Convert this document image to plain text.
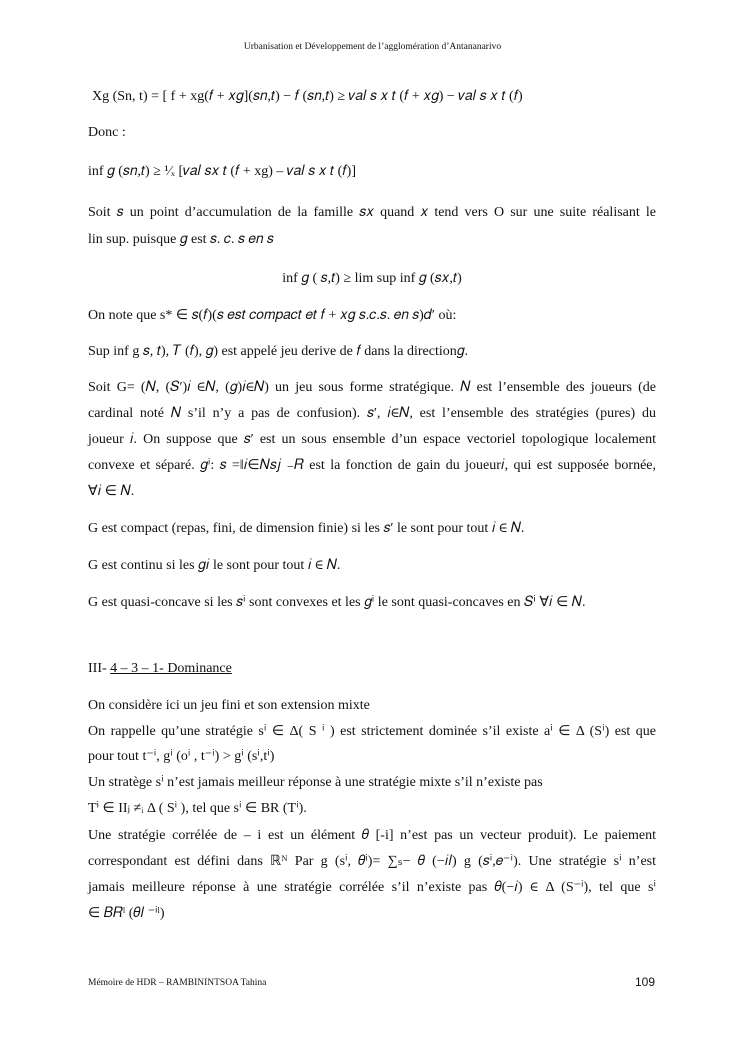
Urbanisation et Développement de l’agglomération d’Antananarivo
Xg (Sn, t) = [ f + xg(𝑓 + 𝑥𝑔](𝑠𝑛,𝑡) − 𝑓 (𝑠𝑛,𝑡) ≥ 𝑣𝑎𝑙 𝑠 𝑥 𝑡 (𝑓 + 𝑥𝑔) − 𝑣𝑎𝑙 𝑠 𝑥 𝑡 (𝑓)
Donc :
inf 𝑔 (𝑠𝑛,𝑡) ≥ ¹⁄ₓ [𝑣𝑎𝑙 𝑠𝑥 𝑡 (𝑓 + xg) – 𝑣𝑎𝑙 𝑠 𝑥 𝑡 (𝑓)]
Soit 𝑠 un point d’accumulation de la famille 𝑠𝑥 quand 𝑥 tend vers O sur une suite réalisant le
lin sup. puisque 𝑔 est 𝑠. 𝑐. 𝑠 𝑒𝑛 𝑠
inf 𝑔 ( 𝑠,𝑡) ≥ lim sup inf 𝑔 (𝑠𝑥,𝑡)
On note que s* ∈ 𝑠(𝑓)(𝑠 𝑒𝑠𝑡 𝑐𝑜𝑚𝑝𝑎𝑐𝑡 𝑒𝑡 𝑓 + 𝑥𝑔 𝑠.𝑐.𝑠. 𝑒𝑛 𝑠)𝑑′ où:
Sup inf g 𝑠, 𝑡), 𝑇 (𝑓), 𝑔) est appelé jeu derive de 𝑓 dans la direction𝑔.
Soit G= (𝑁, (𝑆′)𝑖 ∈𝑁, (𝑔)𝑖∈𝑁) un jeu sous forme stratégique. 𝑁 est l’ensemble des joueurs (de
cardinal noté 𝑁 s’il n’y a pas de confusion). 𝑠′, 𝑖∈𝑁, est l’ensemble des stratégies (pures) du
joueur 𝑖. On suppose que 𝑠′ est un sous ensemble d’un espace vectoriel topologique localement
convexe et séparé. 𝑔ⁱ: 𝑠 =‖𝑖∈𝑁𝑠𝑗 ₋𝑅 est la fonction de gain du joueur𝑖, qui est supposée bornée,
∀𝑖 ∈ 𝑁.
G est compact (repas, fini, de dimension finie) si les 𝑠′ le sont pour tout 𝑖 ∈ 𝑁.
G est continu si les 𝑔𝑖 le sont pour tout 𝑖 ∈ 𝑁.
G est quasi-concave si les 𝑠ⁱ sont convexes et les 𝑔ⁱ le sont quasi-concaves en 𝑆ⁱ ∀𝑖 ∈ 𝑁.
III- 4 – 3 – 1- Dominance
On considère ici un jeu fini et son extension mixte
On rappelle qu’une stratégie sⁱ ∈ Δ( S ⁱ ) est strictement dominée s’il existe aⁱ ∈ Δ (Sⁱ) est que
pour tout t⁻ⁱ, gⁱ (oⁱ , t⁻ⁱ) > gⁱ (sⁱ,tⁱ)
Un stratège sⁱ n’est jamais meilleur réponse à une stratégie mixte s’il n’existe pas
Tⁱ ∈ IIⱼ ≠ᵢ Δ ( Sⁱ ), tel que sⁱ ∈ BR (Tⁱ).
Une stratégie corrélée de – i est un élément 𝜃 [-i] n’est pas un vecteur produit). Le paiement
correspondant est défini dans ℝᴺ Par g (sⁱ, 𝜃ⁱ)= ∑ₛ− 𝜃 (−𝑖𝑙) g (𝑠ⁱ,𝑒⁻ⁱ). Une stratégie sⁱ n’est
jamais meilleure réponse à une stratégie corrélée s’il n’existe pas 𝜃(−𝑖) ∈ Δ (S⁻ⁱ), tel que sⁱ
∈ 𝐵𝑅ˡ (𝜃𝑙 ⁻ⁱˡ)
Mémoire de HDR – RAMBININTSOA Tahina	109
